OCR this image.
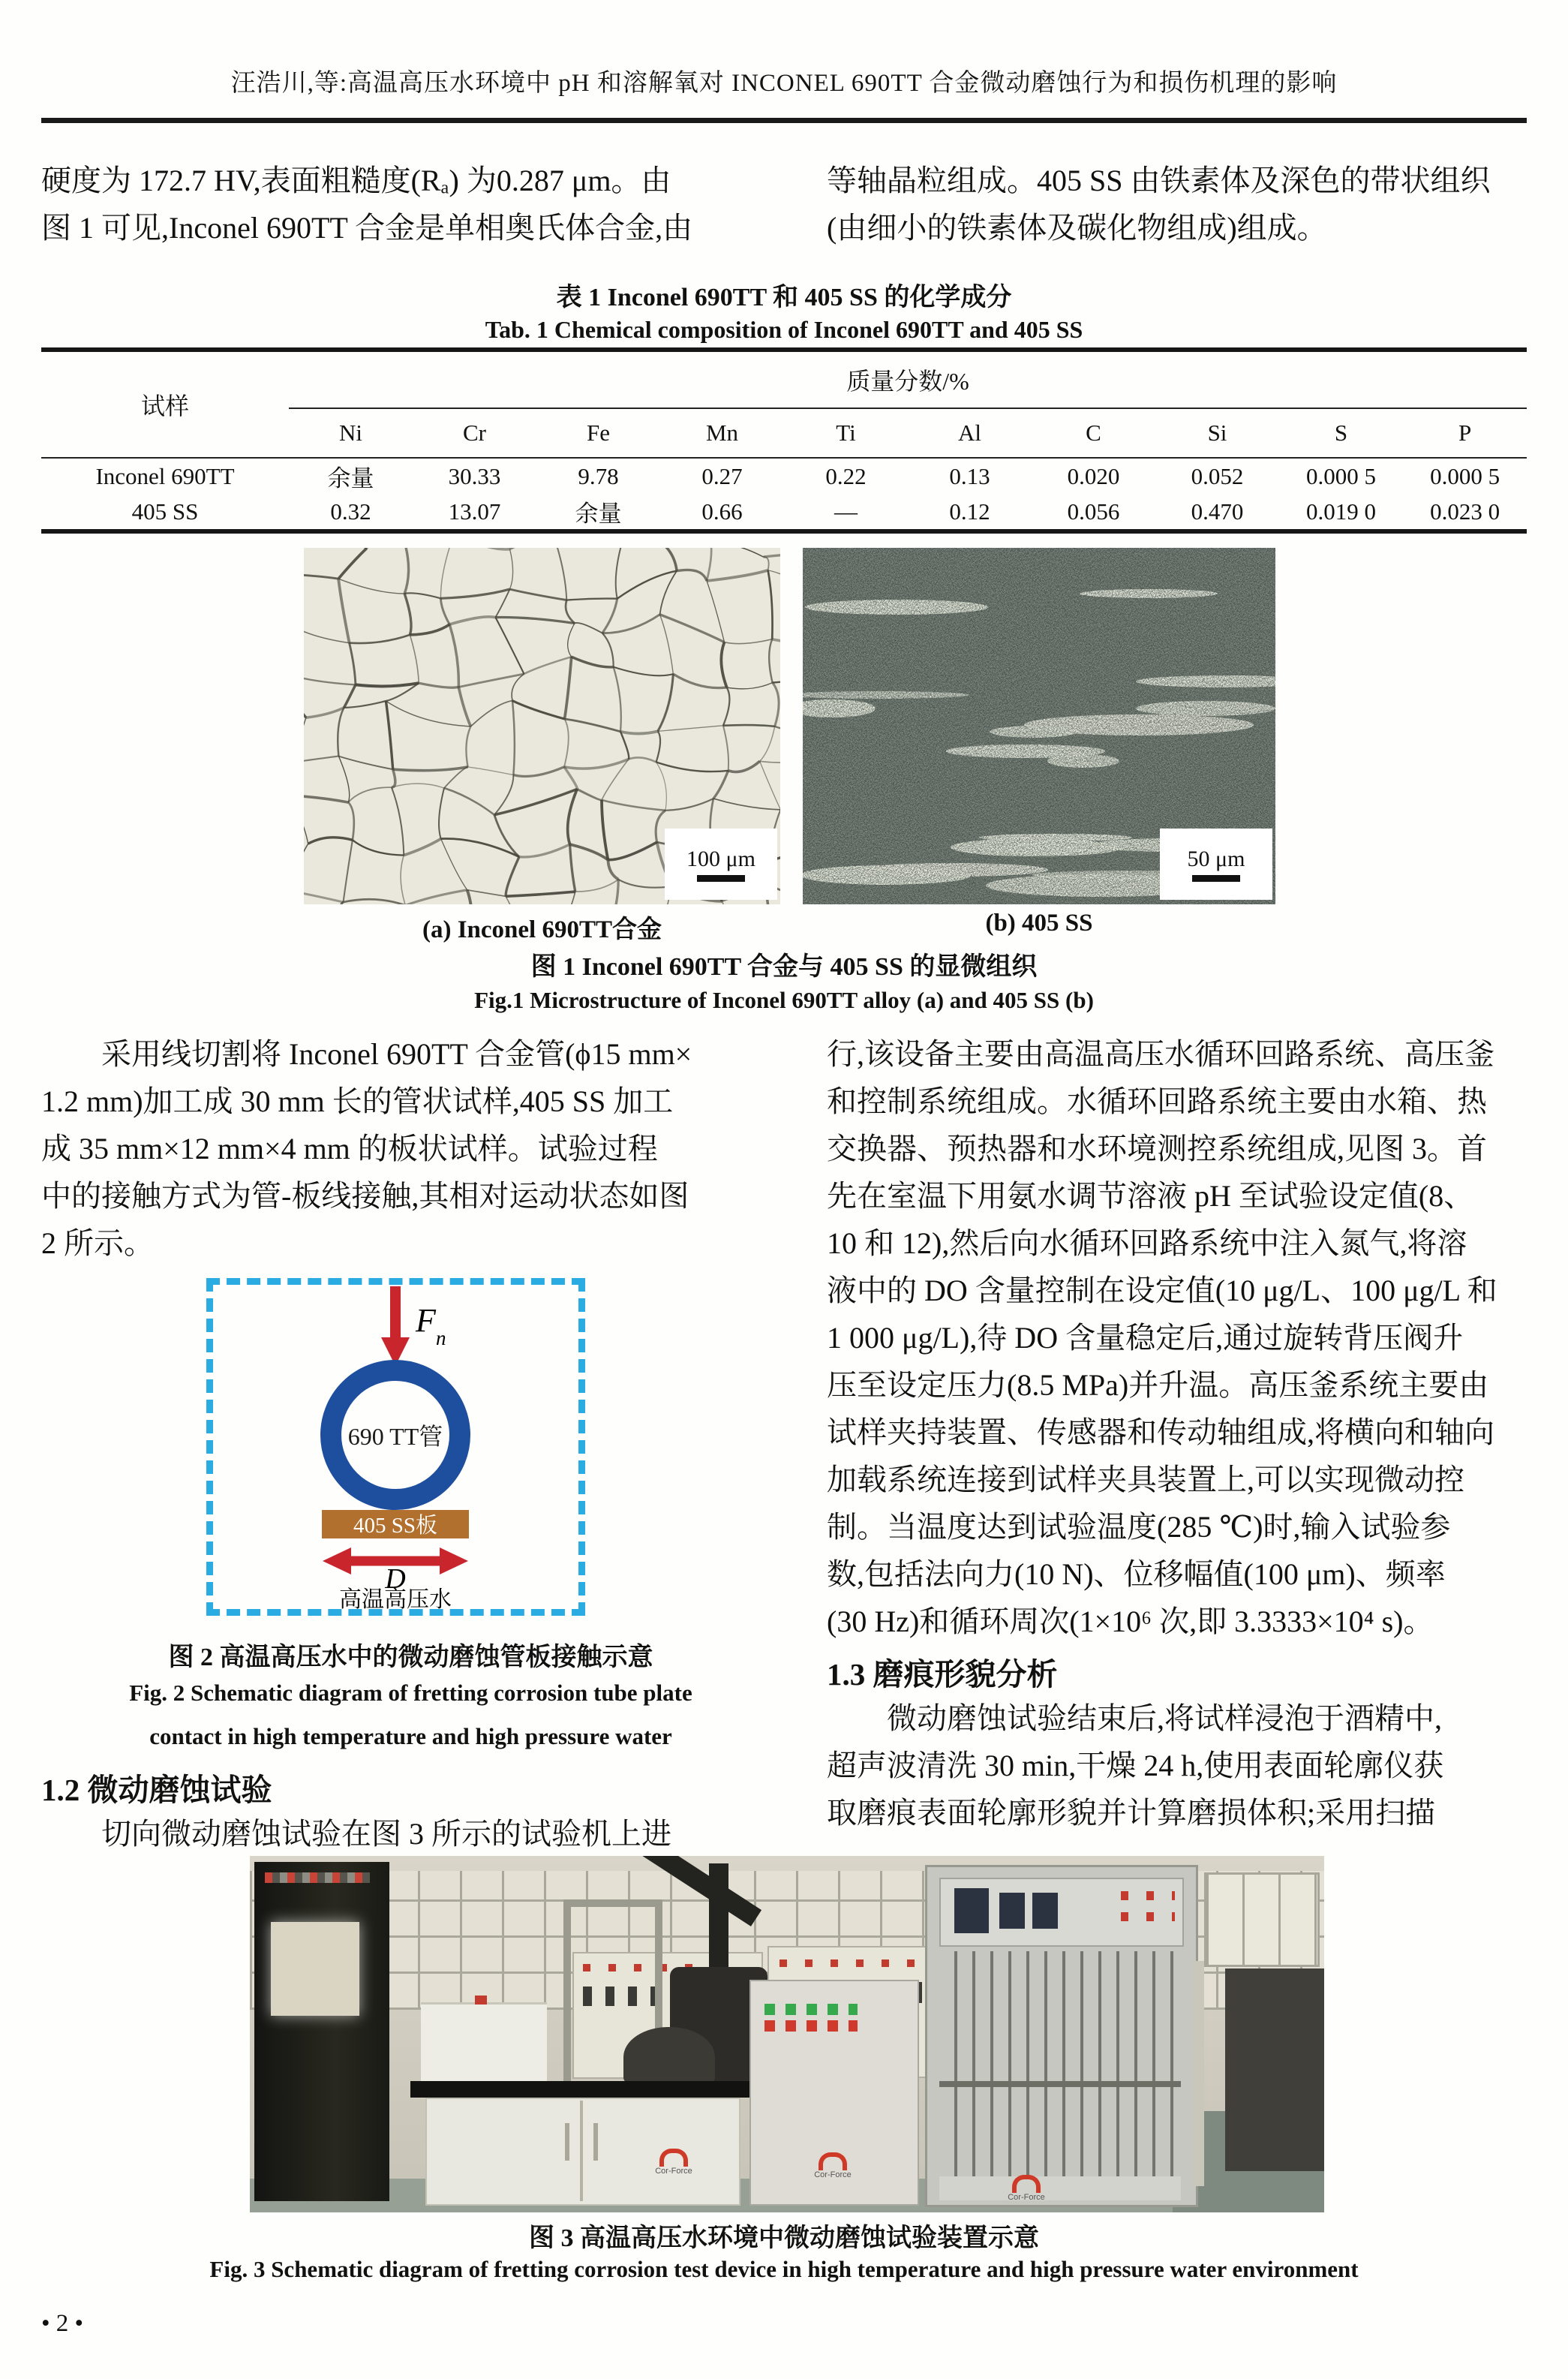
汪浩川,等:高温高压水环境中 pH 和溶解氧对 INCONEL 690TT 合金微动磨蚀行为和损伤机理的影响
硬度为 172.7 HV,表面粗糙度(Rₐ) 为0.287 μm。由
图 1 可见,Inconel 690TT 合金是单相奥氏体合金,由
等轴晶粒组成。405 SS 由铁素体及深色的带状组织
(由细小的铁素体及碳化物组成)组成。
表 1 Inconel 690TT 和 405 SS 的化学成分
Tab. 1 Chemical composition of Inconel 690TT and 405 SS
试样	质量分数/%									
	Ni	Cr	Fe	Mn	Ti	Al	C	Si	S	P
Inconel 690TT	余量	30.33	9.78	0.27	0.22	0.13	0.020	0.052	0.000 5	0.000 5
405 SS	0.32	13.07	余量	0.66	—	0.12	0.056	0.470	0.019 0	0.023 0
100 μm	50 μm
(a) Inconel 690TT合金	(b) 405 SS
图 1 Inconel 690TT 合金与 405 SS 的显微组织
Fig.1 Microstructure of Inconel 690TT alloy (a) and 405 SS (b)
采用线切割将 Inconel 690TT 合金管(ϕ15 mm×
1.2 mm)加工成 30 mm 长的管状试样,405 SS 加工
成 35 mm×12 mm×4 mm 的板状试样。试验过程
中的接触方式为管-板线接触,其相对运动状态如图
2 所示。
F n
690 TT管
405 SS板
D
高温高压水
图 2 高温高压水中的微动磨蚀管板接触示意
Fig. 2 Schematic diagram of fretting corrosion tube plate
contact in high temperature and high pressure water
1.2 微动磨蚀试验
切向微动磨蚀试验在图 3 所示的试验机上进
行,该设备主要由高温高压水循环回路系统、高压釜
和控制系统组成。水循环回路系统主要由水箱、热
交换器、预热器和水环境测控系统组成,见图 3。首
先在室温下用氨水调节溶液 pH 至试验设定值(8、
10 和 12),然后向水循环回路系统中注入氮气,将溶
液中的 DO 含量控制在设定值(10 μg/L、100 μg/L 和
1 000 μg/L),待 DO 含量稳定后,通过旋转背压阀升
压至设定压力(8.5 MPa)并升温。高压釜系统主要由
试样夹持装置、传感器和传动轴组成,将横向和轴向
加载系统连接到试样夹具装置上,可以实现微动控
制。当温度达到试验温度(285 ℃)时,输入试验参
数,包括法向力(10 N)、位移幅值(100 μm)、频率
(30 Hz)和循环周次(1×10⁶ 次,即 3.3333×10⁴ s)。
1.3 磨痕形貌分析
微动磨蚀试验结束后,将试样浸泡于酒精中,
超声波清洗 30 min,干燥 24 h,使用表面轮廓仪获
取磨痕表面轮廓形貌并计算磨损体积;采用扫描
Cor-Force	Cor-Force
Cor-Force
图 3 高温高压水环境中微动磨蚀试验装置示意
Fig. 3 Schematic diagram of fretting corrosion test device in high temperature and high pressure water environment
• 2 •
